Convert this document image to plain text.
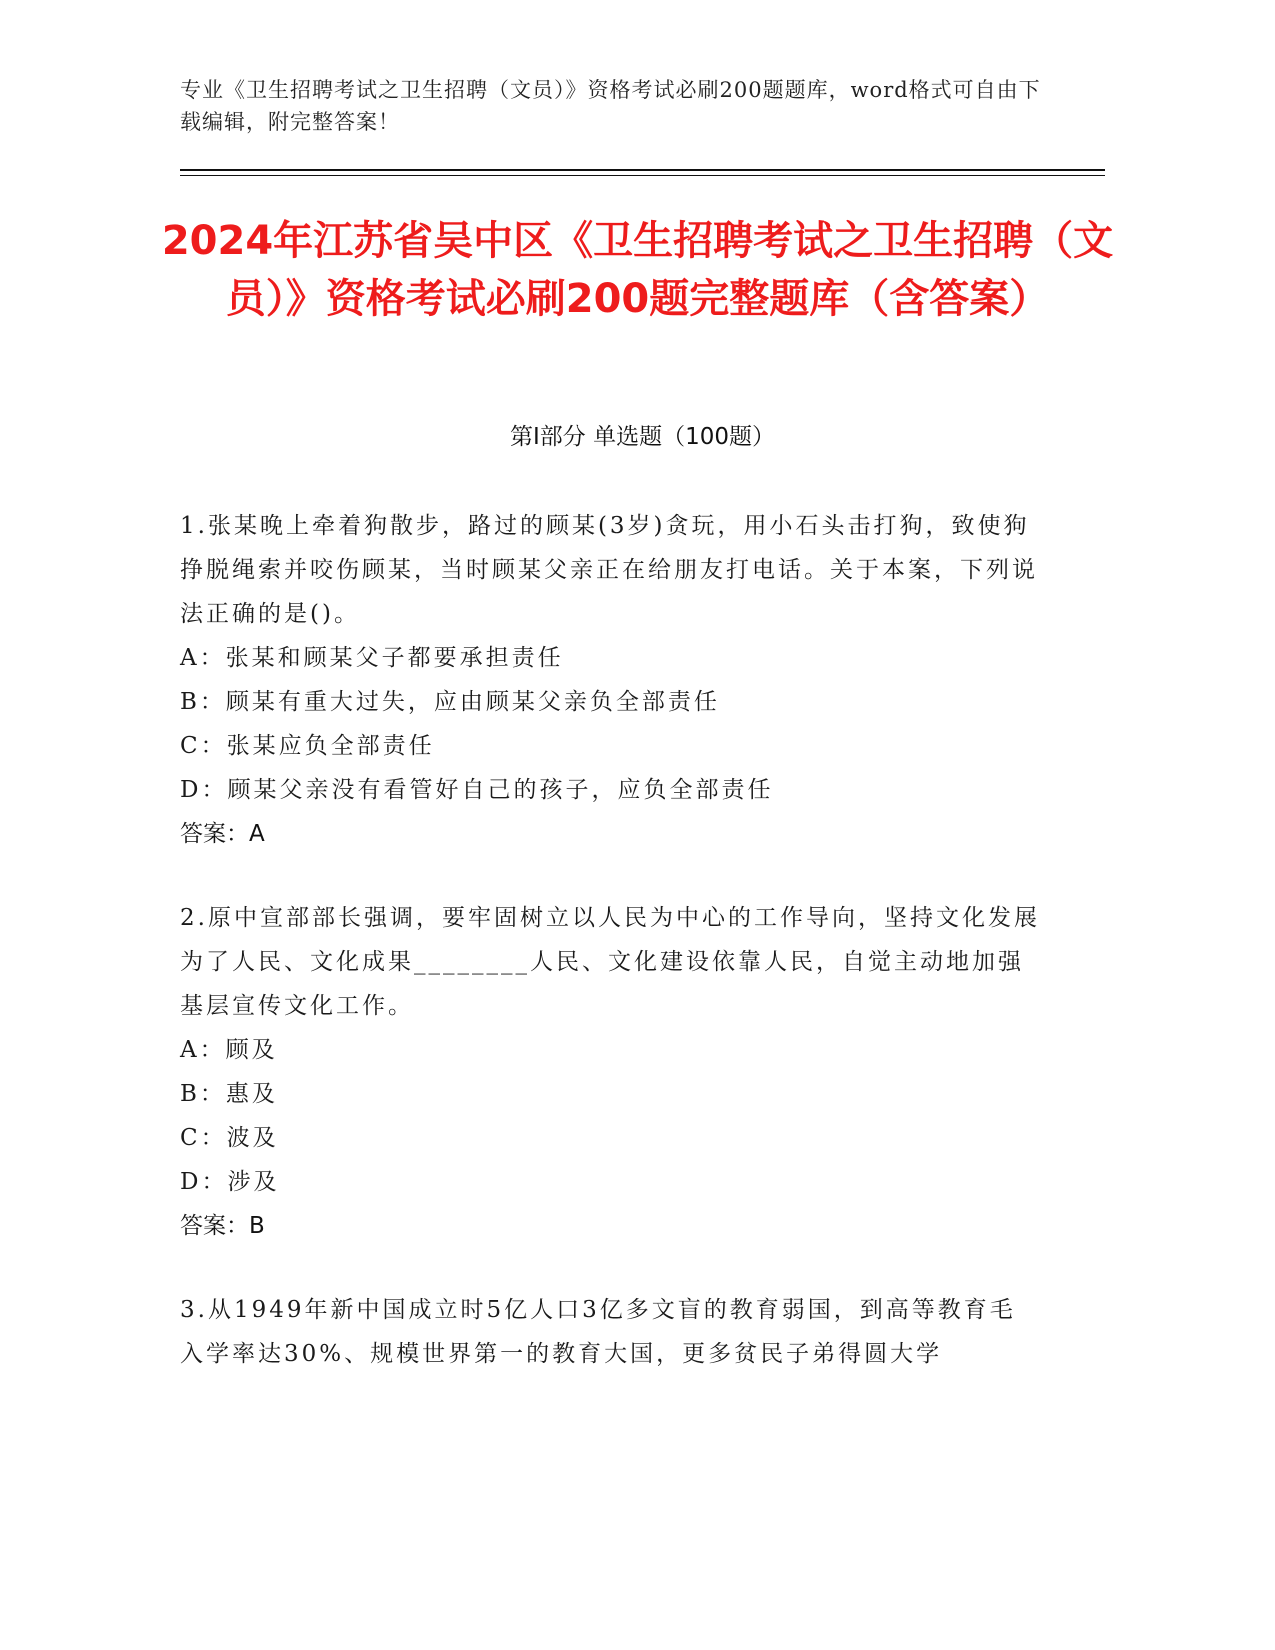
专业《卫生招聘考试之卫生招聘（文员）》资格考试必刷200题题库，word格式可自由下载编辑，附完整答案！
2024年江苏省吴中区《卫生招聘考试之卫生招聘（文员）》资格考试必刷200题完整题库（含答案）
第Ⅰ部分 单选题（100题）

1.张某晚上牵着狗散步，路过的顾某(3岁)贪玩，用小石头击打狗，致使狗挣脱绳索并咬伤顾某，当时顾某父亲正在给朋友打电话。关于本案，下列说法正确的是()。

A：张某和顾某父子都要承担责任

B：顾某有重大过失，应由顾某父亲负全部责任

C：张某应负全部责任

D：顾某父亲没有看管好自己的孩子，应负全部责任

答案：A

2.原中宣部部长强调，要牢固树立以人民为中心的工作导向，坚持文化发展为了人民、文化成果________人民、文化建设依靠人民，自觉主动地加强基层宣传文化工作。

A：顾及

B：惠及

C：波及

D：涉及

答案：B

3.从1949年新中国成立时5亿人口3亿多文盲的教育弱国，到高等教育毛入学率达30%、规模世界第一的教育大国，更多贫民子弟得圆大学
